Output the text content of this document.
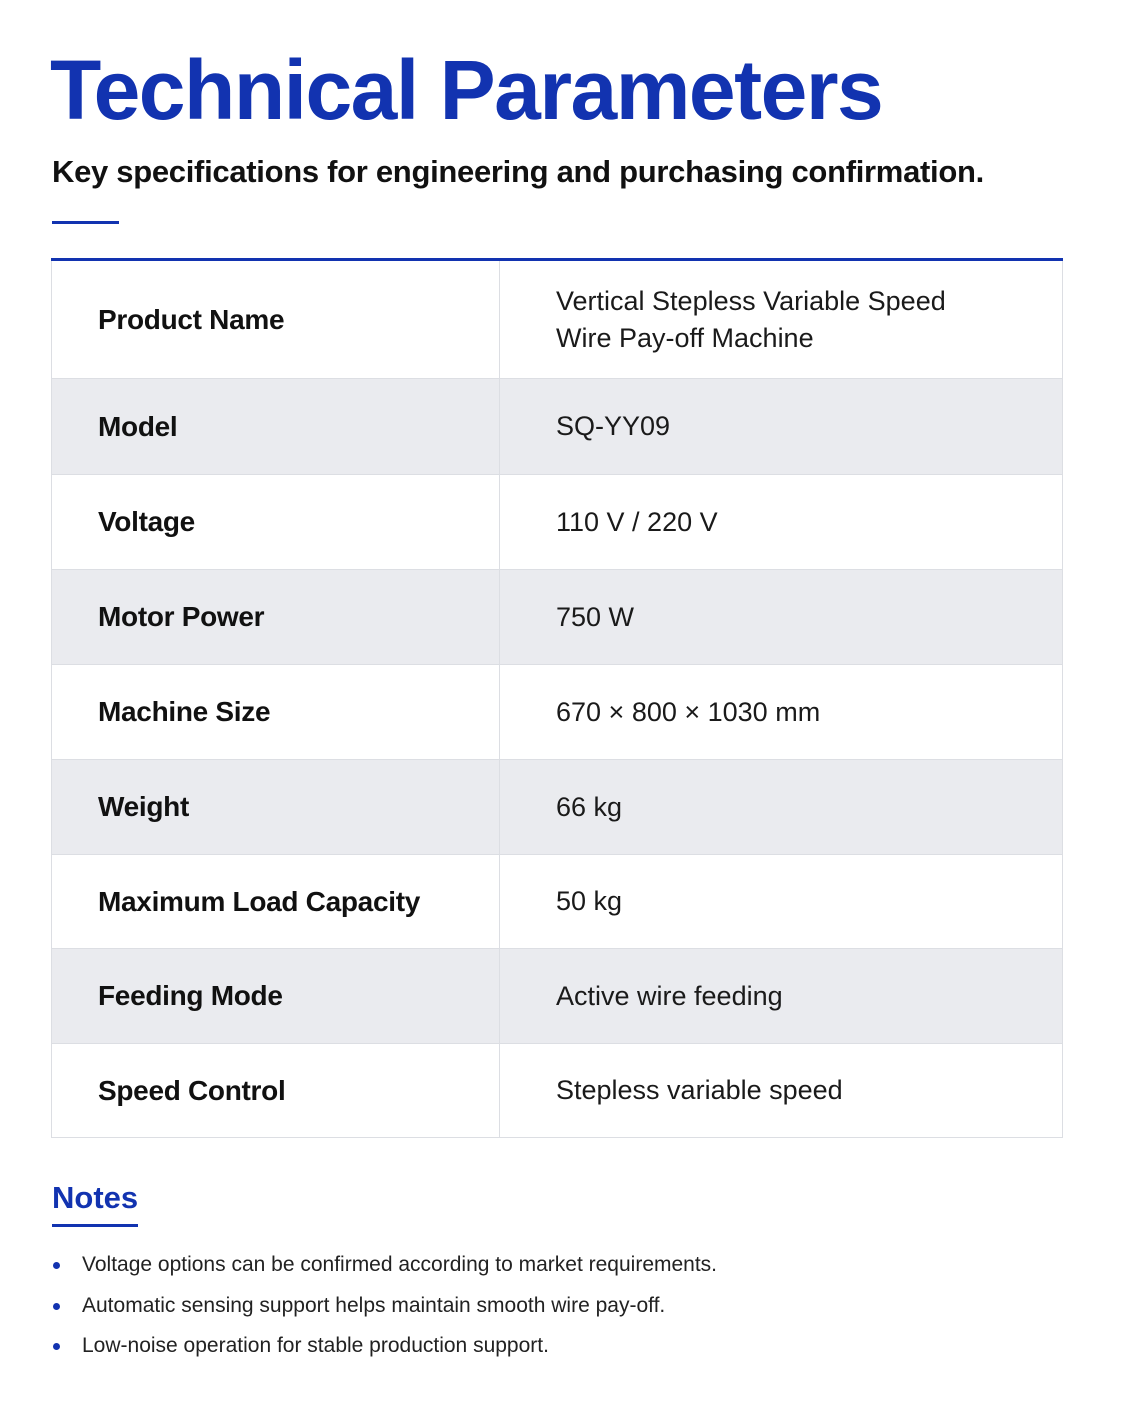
Technical Parameters

Key specifications for engineering and purchasing confirmation.

Product Name	Vertical Stepless Variable Speed
Wire Pay-off Machine

Model	SQ-YY09
Voltage	110 V / 220 V
Motor Power	750 W
Machine Size	670 × 800 × 1030 mm
Weight	66 kg
Maximum Load Capacity	50 kg
Feeding Mode	Active wire feeding
Speed Control	Stepless variable speed
Notes
Voltage options can be confirmed according to market requirements.
Automatic sensing support helps maintain smooth wire pay-off.
Low-noise operation for stable production support.
